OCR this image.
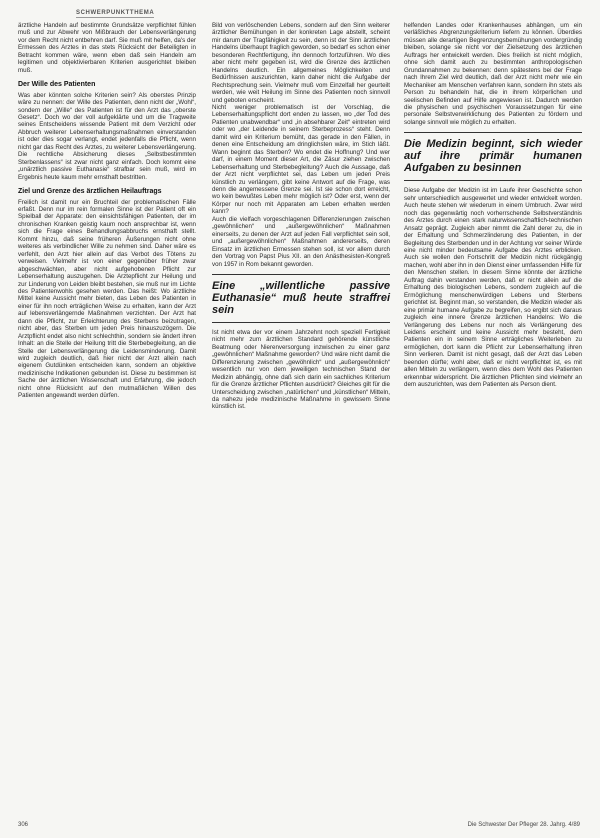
SCHWERPUNKTTHEMA

ärztliche Handeln auf bestimmte Grundsätze verpflichtet fühlen muß und zur Abwehr von Mißbrauch der Lebensverlängerung vor dem Recht nicht entbehren darf. Sie muß mit helfen, da's der Ermessen des Arztes in das stets Rücksicht der Beteiligten in Betracht kommen wäre, wenn eben daß sein Handeln am legitimen und objektivierbaren Kriterien ausgerichtet bleiben muß.

Der Wille des Patienten

Was aber könnten solche Kriterien sein? Als oberstes Prinzip wäre zu nennen: der Wille des Patienten, denn nicht der „Wohl“, sondern der „Wille“ des Patienten ist für den Arzt das „oberste Gesetz“. Doch wo der voll aufgeklärte und um die Tragweite seines Entscheidens wissende Patient mit dem Verzicht oder Abbruch weiterer Lebenserhaltungsmaßnahmen einverstanden ist oder dies sogar verlangt, endet jedenfalls die Pflicht, wenn nicht gar das Recht des Arztes, zu weiterer Lebensverlängerung. Die rechtliche Absicherung dieses „Selbstbestimmten Sterbenlassens“ ist zwar nicht ganz einfach. Doch kommt eine „unärztlich passive Euthanasie“ strafbar sein muß, wird im Ergebnis heute kaum mehr ernsthaft bestritten.

Ziel und Grenze des ärztlichen Heilauftrags

Freilich ist damit nur ein Bruchteil der problematischen Fälle erfaßt. Denn nur im rein formalen Sinne ist der Patient oft ein Spielball der Apparate: den einsichtsfähigen Patienten, der im chronischen Kranken geistig kaum noch ansprechbar ist, wenn sich die Frage eines Behandlungsabbruchs ernsthaft stellt. Kommt hinzu, daß seine früheren Äußerungen nicht ohne weiteres als verbindlicher Wille zu nehmen sind. Daher wäre es verfehlt, den Arzt hier allein auf das Verbot des Tötens zu verweisen. Vielmehr ist von einer gegenüber früher zwar abgeschwächten, aber nicht aufgehobenen Pflicht zur Lebenserhaltung auszugehen. Die Arztepflicht zur Heilung und zur Linderung von Leiden bleibt bestehen, sie muß nur im Lichte des Patientenwohls gesehen werden. Das heißt: Wo ärztliche Mittel keine Aussicht mehr bieten, das Leben des Patienten in einer für ihn noch erträglichen Weise zu erhalten, kann der Arzt auf lebensverlängernde Maßnahmen verzichten. Der Arzt hat dann die Pflicht, zur Erleichterung des Sterbens beizutragen, nicht aber, das Sterben um jeden Preis hinauszuzögern. Die Arztpflicht endet also nicht schlechthin, sondern sie ändert ihren Inhalt: an die Stelle der Heilung tritt die Sterbebegleitung, an die Stelle der Lebensverlängerung die Leidensminderung. Damit wird zugleich deutlich, daß hier nicht der Arzt allein nach eigenem Gutdünken entscheiden kann, sondern an objektive medizinische Indikationen gebunden ist. Diese zu bestimmen ist Sache der ärztlichen Wissenschaft und Erfahrung, die jedoch nicht ohne Rücksicht auf den mutmaßlichen Willen des Patienten angewandt werden dürfen.

Bild von verlöschenden Lebens, sondern auf den Sinn weiterer ärztlicher Bemühungen in der konkreten Lage abstellt, scheint mir darum der Tragfähigkeit zu sein, denn ist der Sinn ärztlichen Handelns überhaupt fraglich geworden, so bedarf es schon einer besonderen Rechtfertigung, ihn dennoch fortzuführen. Wo dies aber nicht mehr gegeben ist, wird die Grenze des ärztlichen Handelns deutlich. Ein allgemeines Möglichkeiten und Bedürfnissen auszurichten, kann daher nicht die Aufgabe der Rechtsprechung sein. Vielmehr muß vom Einzelfall her geurteilt werden, wie weit Heilung im Sinne des Patienten noch sinnvoll und geboten erscheint.

Nicht weniger problematisch ist der Vorschlag, die Lebenserhaltungspflicht dort enden zu lassen, wo „der Tod des Patienten unabwendbar“ und „in absehbarer Zeit“ eintreten wird oder wo „der Leidende in seinem Sterbeprozess“ steht. Denn damit wird ein Kriterium bemüht, das gerade in den Fällen, in denen eine Entscheidung am dringlichsten wäre, im Stich läßt. Wann beginnt das Sterben? Wo endet die Hoffnung? Und wer darf, in einem Moment dieser Art, die Zäsur ziehen zwischen Lebenserhaltung und Sterbebegleitung? Auch die Aussage, daß der Arzt nicht verpflichtet sei, das Leben um jeden Preis künstlich zu verlängern, gibt keine Antwort auf die Frage, was denn die angemessene Grenze sei. Ist sie schon dort erreicht, wo kein bewußtes Leben mehr möglich ist? Oder erst, wenn der Körper nur noch mit Apparaten am Leben erhalten werden kann?

Auch die vielfach vorgeschlagenen Differenzierungen zwischen „gewöhnlichen“ und „außergewöhnlichen“ Maßnahmen einerseits, zu denen der Arzt auf jeden Fall verpflichtet sein soll, und „außergewöhnlichen“ Maßnahmen andererseits, deren Einsatz im ärztlichen Ermessen stehen soll, ist vor allem durch den Vortrag von Papst Pius XII. an den Anästhesisten-Kongreß von 1957 in Rom bekannt geworden.

Eine „willentliche passive Euthanasie“ muß heute straffrei sein

Ist nicht etwa der vor einem Jahrzehnt noch speziell Fertigkeit nicht mehr zum ärztlichen Standard gehörende künstliche Beatmung oder Nierenversorgung inzwischen zu einer ganz „gewöhnlichen“ Maßnahme geworden? Und wäre nicht damit die Differenzierung zwischen „gewöhnlich“ und „außergewöhnlich“ wesentlich nur von dem jeweiligen technischen Stand der Medizin abhängig, ohne daß sich darin ein sachliches Kriterium für die Grenze ärztlicher Pflichten ausdrückt? Gleiches gilt für die Unterscheidung zwischen „natürlichen“ und „künstlichen“ Mitteln, da nahezu jede medizinische Maßnahme in gewissem Sinne künstlich ist.

helfenden Landes oder Krankenhauses abhängen, um ein verläßliches Abgrenzungskriterium liefern zu können. Überdies müssen alle derartigen Begrenzungsbemühungen vordergründig bleiben, solange sie nicht vor der Zielsetzung des ärztlichen Auftrags her entwickelt werden. Dies freilich ist nicht möglich, ohne sich damit auch zu bestimmten anthropologischen Grundannahmen zu bekennen: denn spätestens bei der Frage nach Ihrem Ziel wird deutlich, daß der Arzt nicht mehr wie ein Mechaniker am Menschen verfahren kann, sondern ihn stets als Person zu behandeln hat, die in ihrem körperlichen und seelischen Befinden auf Hilfe angewiesen ist. Dadurch werden die physischen und psychischen Voraussetzungen für eine personale Selbstverwirklichung des Patienten zu fördern und solange sinnvoll wie möglich zu erhalten.

Die Medizin beginnt, sich wieder auf ihre primär humanen Aufgaben zu besinnen

Diese Aufgabe der Medizin ist im Laufe ihrer Geschichte schon sehr unterschiedlich ausgewertet und wieder entwickelt worden. Auch heute stehen wir wiederum in einem Umbruch. Zwar wird noch das gegenwärtig noch vorherrschende Selbstverständnis des Arztes durch einen stark naturwissenschaftlich-technischen Ansatz geprägt. Zugleich aber nimmt die Zahl derer zu, die in der Erhaltung und Schmerzlinderung des Patienten, in der Begleitung des Sterbenden und in der Achtung vor seiner Würde eine nicht minder bedeutsame Aufgabe des Arztes erblicken. Auch sie wollen den Fortschritt der Medizin nicht rückgängig machen, wohl aber ihn in den Dienst einer umfassenden Hilfe für den Menschen stellen. In diesem Sinne könnte der ärztliche Auftrag dahin verstanden werden, daß er nicht allein auf die Erhaltung des biologischen Lebens, sondern zugleich auf die Ermöglichung menschenwürdigen Lebens und Sterbens gerichtet ist. Beginnt man, so verstanden, die Medizin wieder als eine primär humane Aufgabe zu begreifen, so ergibt sich daraus zugleich eine innere Grenze ärztlichen Handelns: Wo die Verlängerung des Lebens nur noch als Verlängerung des Leidens erscheint und keine Aussicht mehr besteht, dem Patienten ein in seinem Sinne erträgliches Weiterleben zu ermöglichen, dort kann die Pflicht zur Lebenserhaltung ihren Sinn verlieren. Damit ist nicht gesagt, daß der Arzt das Leben beenden dürfte; wohl aber, daß er nicht verpflichtet ist, es mit allen Mitteln zu verlängern, wenn dies dem Wohl des Patienten erkennbar widerspricht. Die ärztlichen Pflichten sind vielmehr an dem auszurichten, was dem Patienten als Person dient.

306	Die Schwester Der Pfleger 28. Jahrg. 4/89
